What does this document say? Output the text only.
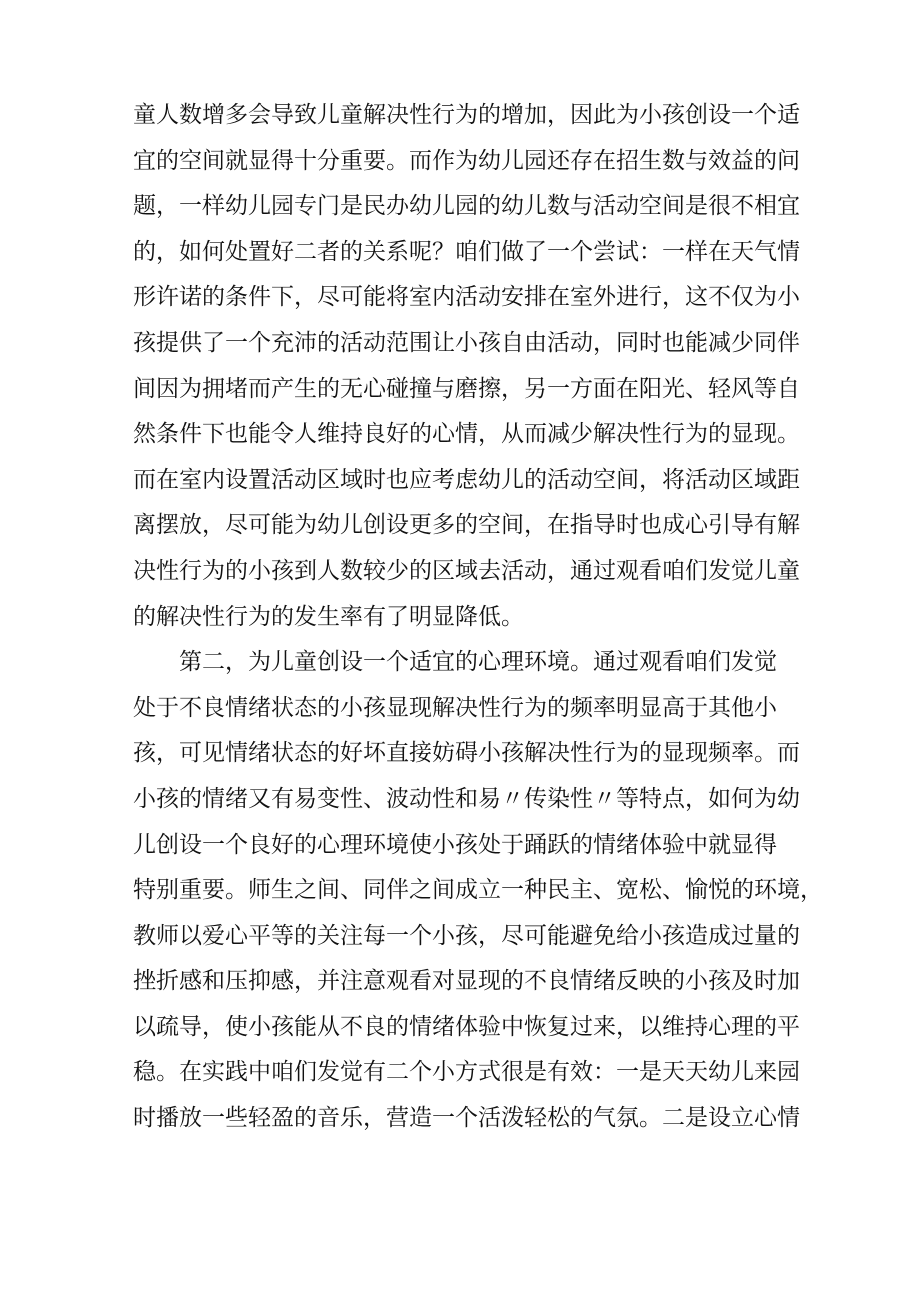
童人数增多会导致儿童解决性行为的增加，因此为小孩创设一个适
宜的空间就显得十分重要。而作为幼儿园还存在招生数与效益的问
题，一样幼儿园专门是民办幼儿园的幼儿数与活动空间是很不相宜
的，如何处置好二者的关系呢？咱们做了一个尝试：一样在天气情
形许诺的条件下，尽可能将室内活动安排在室外进行，这不仅为小
孩提供了一个充沛的活动范围让小孩自由活动，同时也能减少同伴
间因为拥堵而产生的无心碰撞与磨擦，另一方面在阳光、轻风等自
然条件下也能令人维持良好的心情，从而减少解决性行为的显现。
而在室内设置活动区域时也应考虑幼儿的活动空间，将活动区域距
离摆放，尽可能为幼儿创设更多的空间，在指导时也成心引导有解
决性行为的小孩到人数较少的区域去活动，通过观看咱们发觉儿童
的解决性行为的发生率有了明显降低。
第二，为儿童创设一个适宜的心理环境。通过观看咱们发觉
处于不良情绪状态的小孩显现解决性行为的频率明显高于其他小
孩，可见情绪状态的好坏直接妨碍小孩解决性行为的显现频率。而
小孩的情绪又有易变性、波动性和易〃传染性〃等特点，如何为幼
儿创设一个良好的心理环境使小孩处于踊跃的情绪体验中就显得
特别重要。师生之间、同伴之间成立一种民主、宽松、愉悦的环境，
教师以爱心平等的关注每一个小孩，尽可能避免给小孩造成过量的
挫折感和压抑感，并注意观看对显现的不良情绪反映的小孩及时加
以疏导，使小孩能从不良的情绪体验中恢复过来，以维持心理的平
稳。在实践中咱们发觉有二个小方式很是有效：一是天天幼儿来园
时播放一些轻盈的音乐，营造一个活泼轻松的气氛。二是设立心情
